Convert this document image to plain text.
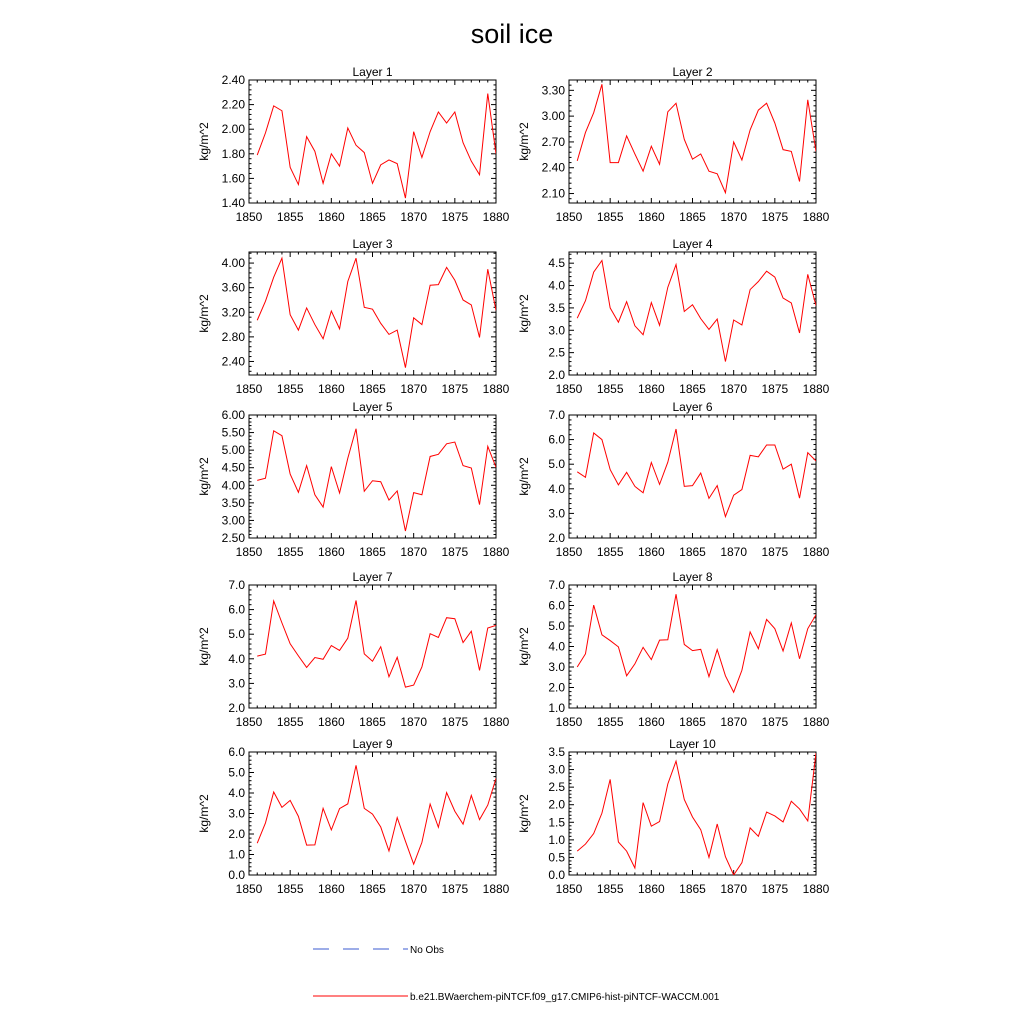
soil ice
1850 1855 1860 1865 1870 1875 1880
1.40
1.60
1.80
2.00
2.20
2.40
Layer 1
kg/m^2
1850 1855 1860 1865 1870 1875 1880
2.10
2.40
2.70
3.00
3.30
Layer 2
kg/m^2
1850 1855 1860 1865 1870 1875 1880
2.40
2.80
3.20
3.60
4.00
Layer 3
kg/m^2
1850 1855 1860 1865 1870 1875 1880
2.0
2.5
3.0
3.5
4.0
4.5
Layer 4
kg/m^2
1850 1855 1860 1865 1870 1875 1880
2.50
3.00
3.50
4.00
4.50
5.00
5.50
6.00
Layer 5
kg/m^2
1850 1855 1860 1865 1870 1875 1880
2.0
3.0
4.0
5.0
6.0
7.0
Layer 6
kg/m^2
1850 1855 1860 1865 1870 1875 1880
2.0
3.0
4.0
5.0
6.0
7.0
Layer 7
kg/m^2
1850 1855 1860 1865 1870 1875 1880
1.0
2.0
3.0
4.0
5.0
6.0
7.0
Layer 8
kg/m^2
1850 1855 1860 1865 1870 1875 1880
0.0
1.0
2.0
3.0
4.0
5.0
6.0
Layer 9
kg/m^2
1850 1855 1860 1865 1870 1875 1880
0.0
0.5
1.0
1.5
2.0
2.5
3.0
3.5
Layer 10
kg/m^2
No Obs
b.e21.BWaerchem-piNTCF.f09_g17.CMIP6-hist-piNTCF-WACCM.001
